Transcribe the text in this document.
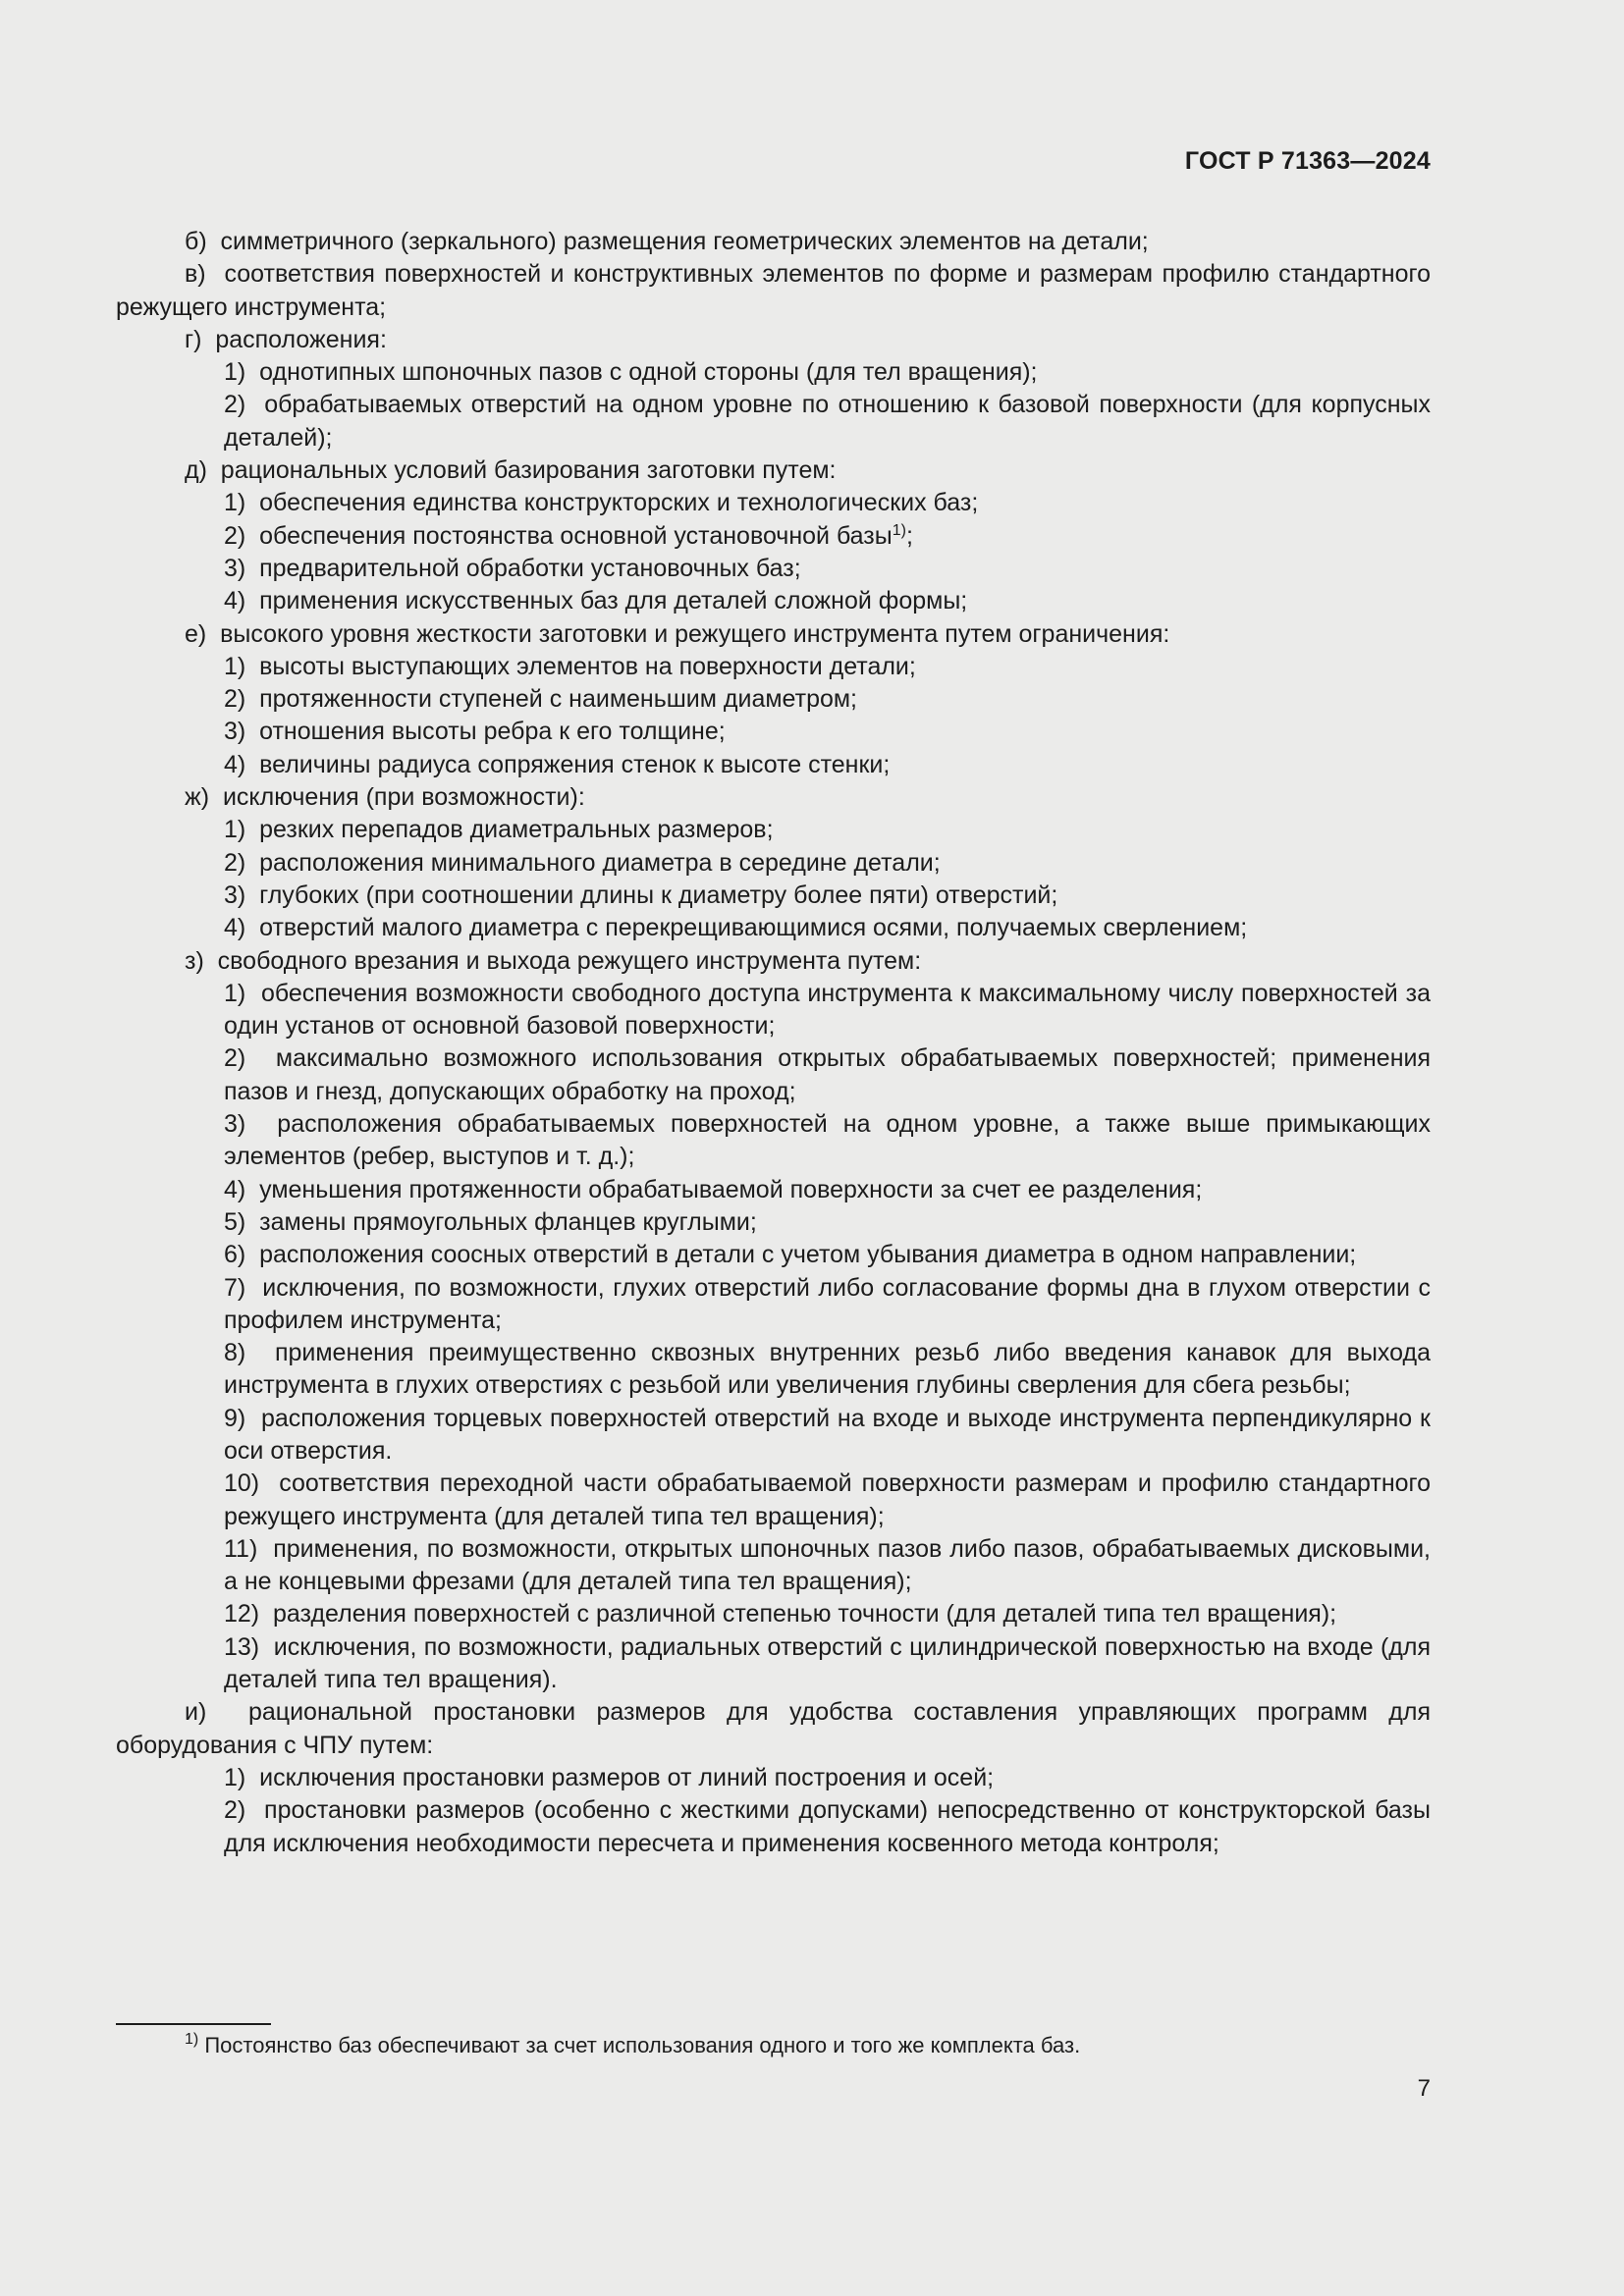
ГОСТ Р 71363—2024

б)  симметричного (зеркального) размещения геометрических элементов на детали;

в)  соответствия поверхностей и конструктивных элементов по форме и размерам профилю стандартного режущего инструмента;

г)  расположения:

1)  однотипных шпоночных пазов с одной стороны (для тел вращения);

2)  обрабатываемых отверстий на одном уровне по отношению к базовой поверхности (для корпусных деталей);

д)  рациональных условий базирования заготовки путем:

1)  обеспечения единства конструкторских и технологических баз;

2)  обеспечения постоянства основной установочной базы$^{1)}$;

3)  предварительной обработки установочных баз;

4)  применения искусственных баз для деталей сложной формы;

е)  высокого уровня жесткости заготовки и режущего инструмента путем ограничения:

1)  высоты выступающих элементов на поверхности детали;

2)  протяженности ступеней с наименьшим диаметром;

3)  отношения высоты ребра к его толщине;

4)  величины радиуса сопряжения стенок к высоте стенки;

ж)  исключения (при возможности):

1)  резких перепадов диаметральных размеров;

2)  расположения минимального диаметра в середине детали;

3)  глубоких (при соотношении длины к диаметру более пяти) отверстий;

4)  отверстий малого диаметра с перекрещивающимися осями, получаемых сверлением;

з)  свободного врезания и выхода режущего инструмента путем:

1)  обеспечения возможности свободного доступа инструмента к максимальному числу поверхностей за один установ от основной базовой поверхности;

2)  максимально возможного использования открытых обрабатываемых поверхностей; применения пазов и гнезд, допускающих обработку на проход;

3)  расположения обрабатываемых поверхностей на одном уровне, а также выше примыкающих элементов (ребер, выступов и т. д.);

4)  уменьшения протяженности обрабатываемой поверхности за счет ее разделения;

5)  замены прямоугольных фланцев круглыми;

6)  расположения соосных отверстий в детали с учетом убывания диаметра в одном направлении;

7)  исключения, по возможности, глухих отверстий либо согласование формы дна в глухом отверстии с профилем инструмента;

8)  применения преимущественно сквозных внутренних резьб либо введения канавок для выхода инструмента в глухих отверстиях с резьбой или увеличения глубины сверления для сбега резьбы;

9)  расположения торцевых поверхностей отверстий на входе и выходе инструмента перпендикулярно к оси отверстия.

10)  соответствия переходной части обрабатываемой поверхности размерам и профилю стандартного режущего инструмента (для деталей типа тел вращения);

11)  применения, по возможности, открытых шпоночных пазов либо пазов, обрабатываемых дисковыми, а не концевыми фрезами (для деталей типа тел вращения);

12)  разделения поверхностей с различной степенью точности (для деталей типа тел вращения);

13)  исключения, по возможности, радиальных отверстий с цилиндрической поверхностью на входе (для деталей типа тел вращения).

и)  рациональной простановки размеров для удобства составления управляющих программ для оборудования с ЧПУ путем:

1)  исключения простановки размеров от линий построения и осей;

2)  простановки размеров (особенно с жесткими допусками) непосредственно от конструкторской базы для исключения необходимости пересчета и применения косвенного метода контроля;

$^{1)}$ Постоянство баз обеспечивают за счет использования одного и того же комплекта баз.
7
